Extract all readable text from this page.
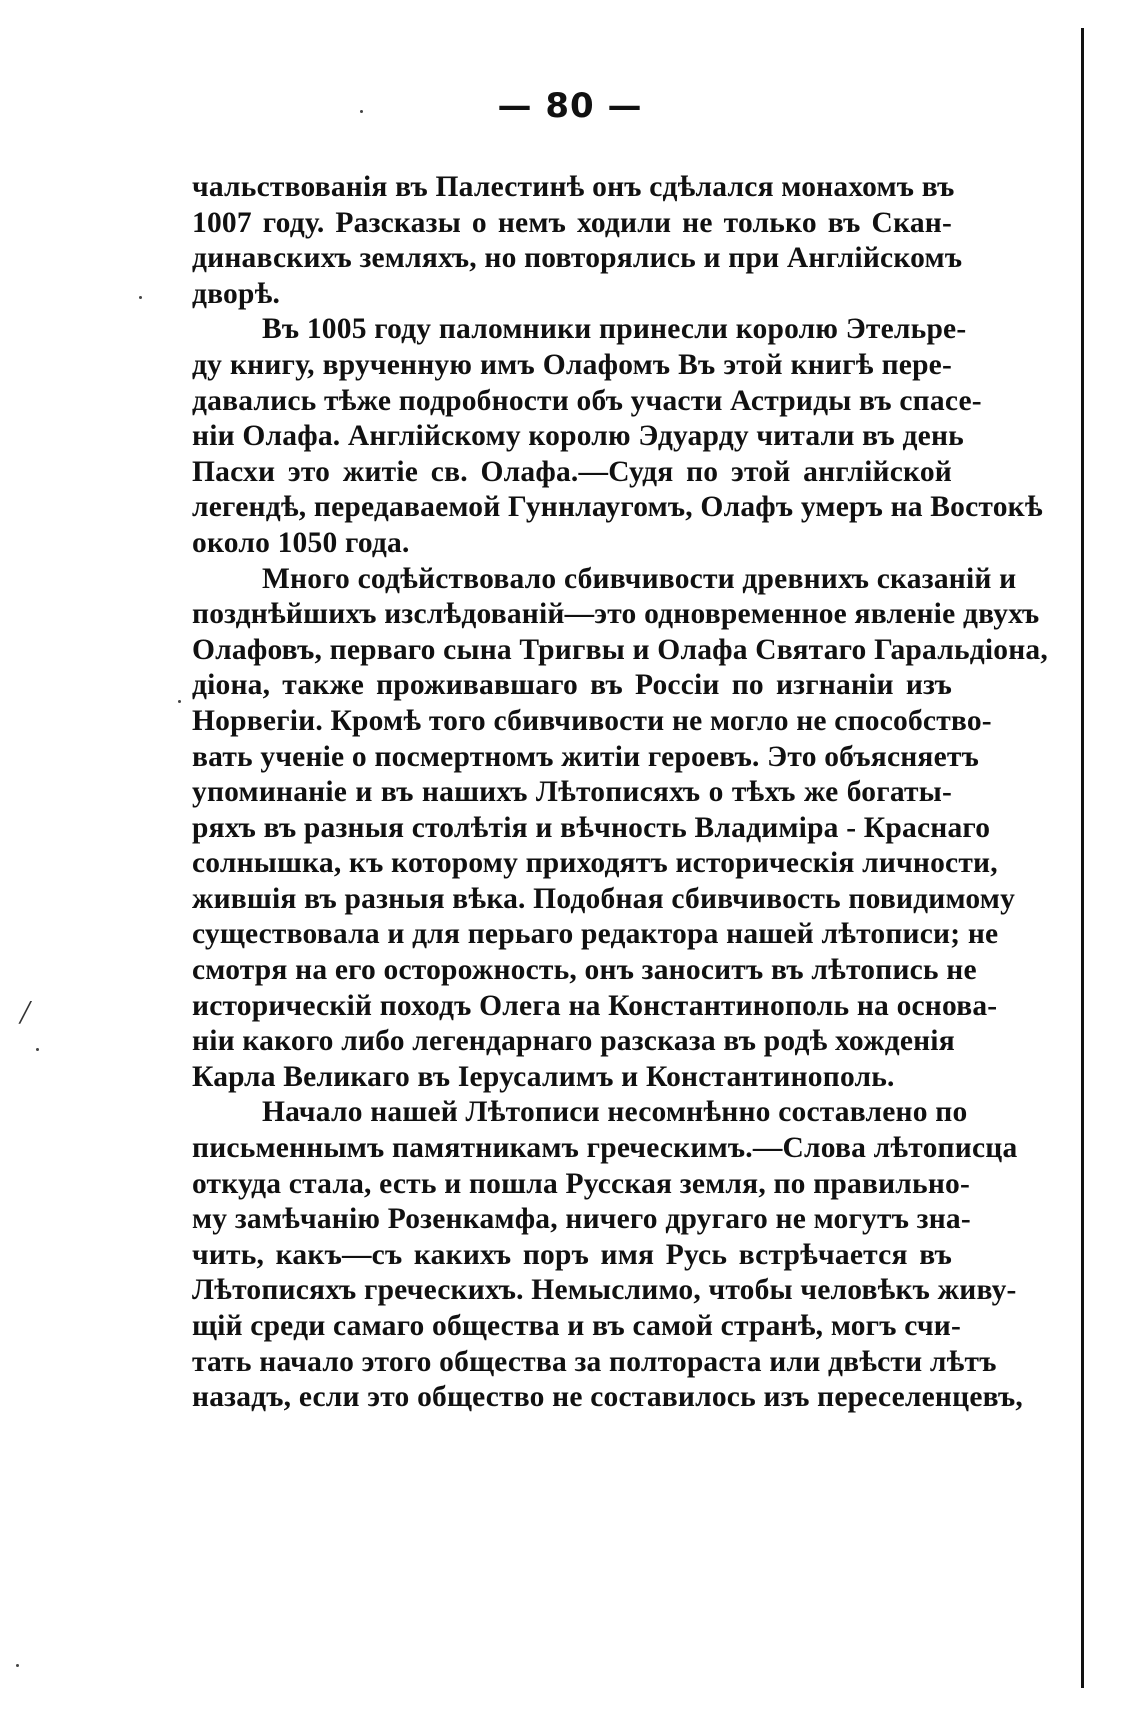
— 80 —
чальствованія въ Палестинѣ онъ сдѣлался монахомъ въ
1007 году. Разсказы о немъ ходили не только въ Скан-
динавскихъ земляхъ, но повторялись и при Англійскомъ
дворѣ.
Въ 1005 году паломники принесли королю Этельре-
ду книгу, врученную имъ Олафомъ Въ этой книгѣ пере-
давались тѣже подробности объ участи Астриды въ спасе-
ніи Олафа. Англійскому королю Эдуарду читали въ день
Пасхи это житіе св. Олафа.—Судя по этой англійской
легендѣ, передаваемой Гуннлаугомъ, Олафъ умеръ на Востокѣ
около 1050 года.
Много содѣйствовало сбивчивости древнихъ сказаній и
позднѣйшихъ изслѣдованій—это одновременное явленіе двухъ
Олафовъ, перваго сына Тригвы и Олафа Святаго Гаральдіона,
дiона, также проживавшаго въ Россіи по изгнаніи изъ
Норвегіи. Кромѣ того сбивчивости не могло не способство-
вать ученіе о посмертномъ житіи героевъ. Это объясняетъ
упоминаніе и въ нашихъ Лѣтописяхъ о тѣхъ же богаты-
ряхъ въ разныя столѣтія и вѣчность Владиміра - Краснаго
солнышка, къ которому приходятъ историческія личности,
жившія въ разныя вѣка. Подобная сбивчивость повидимому
существовала и для перьаго редактора нашей лѣтописи; не
смотря на его осторожность, онъ заноситъ въ лѣтопись не
историческій походъ Олега на Константинополь на основа-
ніи какого либо легендарнаго разсказа въ родѣ хожденія
Карла Великаго въ Іерусалимъ и Константинополь.
Начало нашей Лѣтописи несомнѣнно составлено по
письменнымъ памятникамъ греческимъ.—Слова лѣтописца
откуда стала, есть и пошла Русская земля, по правильно-
му замѣчанію Розенкамфа, ничего другаго не могутъ зна-
чить, какъ—съ какихъ поръ имя Русь встрѣчается въ
Лѣтописяхъ греческихъ. Немыслимо, чтобы человѣкъ живу-
щій среди самаго общества и въ самой странѣ, могъ счи-
тать начало этого общества за полтораста или двѣсти лѣтъ
назадъ, если это общество не составилось изъ переселенцевъ,
/
